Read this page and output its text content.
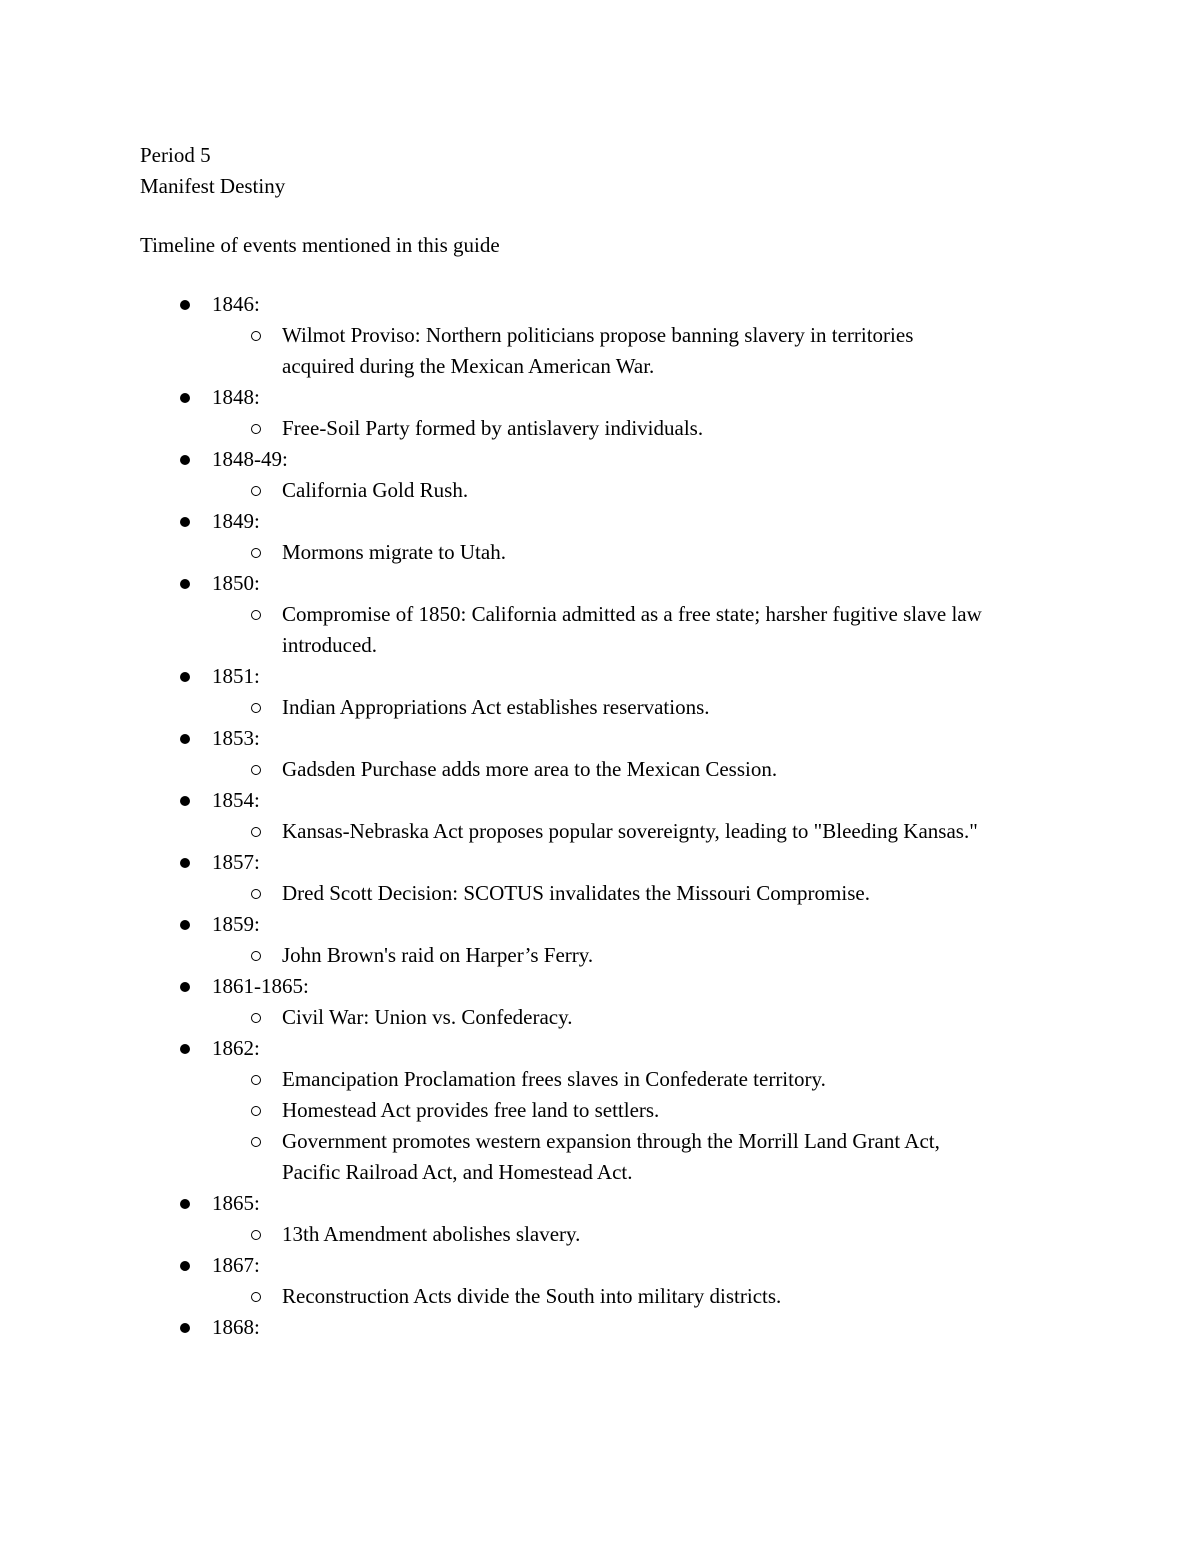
Period 5
Manifest Destiny
Timeline of events mentioned in this guide
1846:
Wilmot Proviso: Northern politicians propose banning slavery in territories acquired during the Mexican American War.
1848:
Free-Soil Party formed by antislavery individuals.
1848-49:
California Gold Rush.
1849:
Mormons migrate to Utah.
1850:
Compromise of 1850: California admitted as a free state; harsher fugitive slave law introduced.
1851:
Indian Appropriations Act establishes reservations.
1853:
Gadsden Purchase adds more area to the Mexican Cession.
1854:
Kansas-Nebraska Act proposes popular sovereignty, leading to "Bleeding Kansas."
1857:
Dred Scott Decision: SCOTUS invalidates the Missouri Compromise.
1859:
John Brown's raid on Harper’s Ferry.
1861-1865:
Civil War: Union vs. Confederacy.
1862:
Emancipation Proclamation frees slaves in Confederate territory.
Homestead Act provides free land to settlers.
Government promotes western expansion through the Morrill Land Grant Act, Pacific Railroad Act, and Homestead Act.
1865:
13th Amendment abolishes slavery.
1867:
Reconstruction Acts divide the South into military districts.
1868:
